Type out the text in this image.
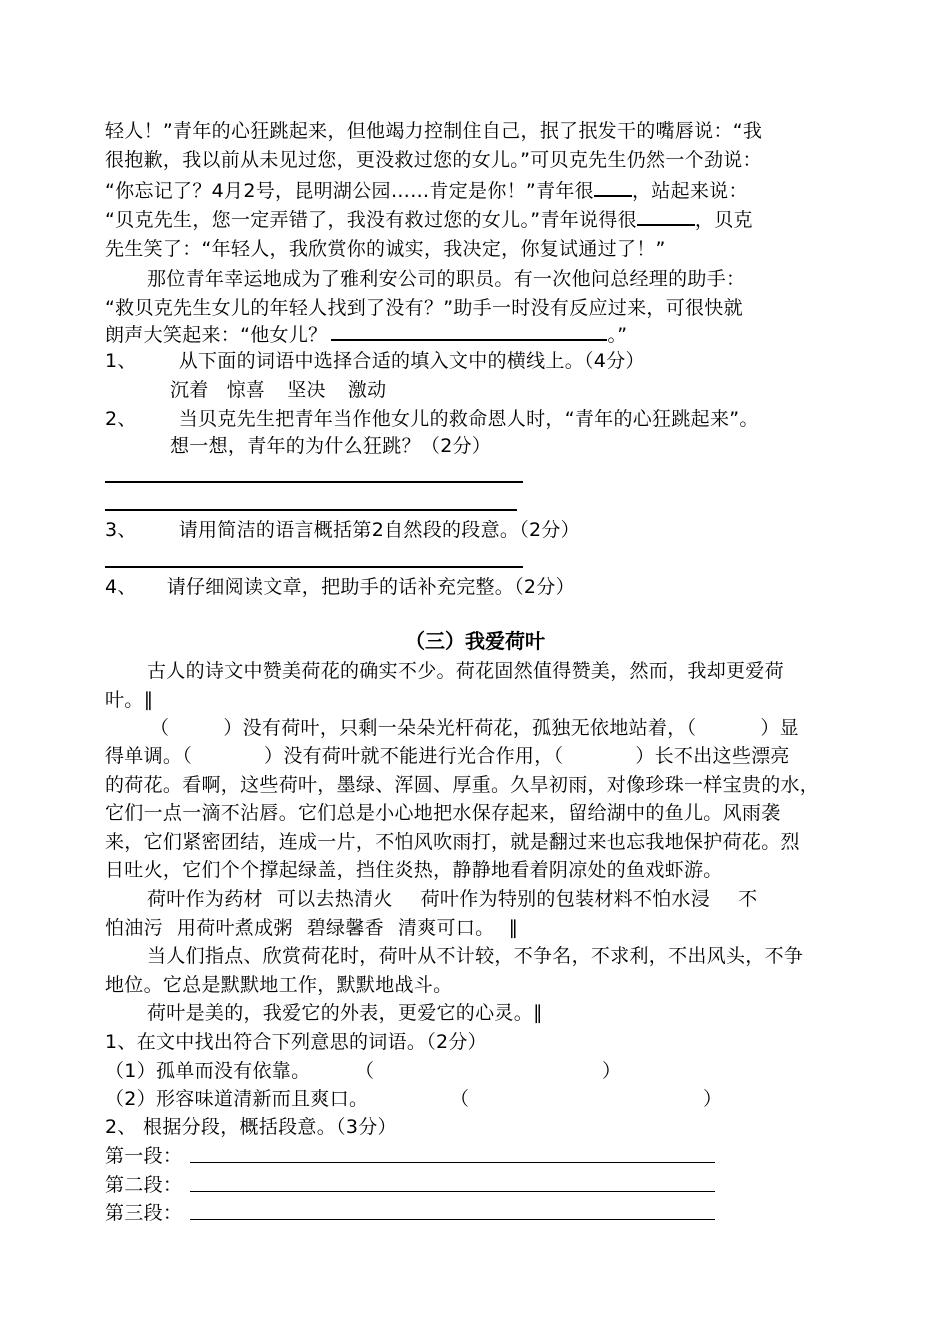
轻人！”青年的心狂跳起来，但他竭力控制住自己，抿了抿发干的嘴唇说：“我
很抱歉，我以前从未见过您，更没救过您的女儿。”可贝克先生仍然一个劲说：
“你忘记了？4月2号，昆明湖公园……肯定是你！”青年很 ，站起来说：
“贝克先生，您一定弄错了，我没有救过您的女儿。”青年说得很	，贝克
先生笑了：“年轻人，我欣赏你的诚实，我决定，你复试通过了！”
那位青年幸运地成为了雅利安公司的职员。有一次他问总经理的助手：
“救贝克先生女儿的年轻人找到了没有？”助手一时没有反应过来，可很快就
朗声大笑起来：“他女儿？	。”
1、 从下面的词语中选择合适的填入文中的横线上。（4分）
沉着 惊喜 坚决 激动
2、 当贝克先生把青年当作他女儿的救命恩人时，“青年的心狂跳起来”。
想一想，青年的为什么狂跳？（2分）
3、 请用简洁的语言概括第2自然段的段意。（2分）
4、 请仔细阅读文章，把助手的话补充完整。（2分）
（三）我爱荷叶
古人的诗文中赞美荷花的确实不少。荷花固然值得赞美，然而，我却更爱荷
叶。∥
（	）没有荷叶，只剩一朵朵光杆荷花，孤独无依地站着，（	）显
得单调。（	）没有荷叶就不能进行光合作用，（	）长不出这些漂亮
的荷花。看啊，这些荷叶，墨绿、浑圆、厚重。久旱初雨，对像珍珠一样宝贵的水，
它们一点一滴不沾唇。它们总是小心地把水保存起来，留给湖中的鱼儿。风雨袭
来，它们紧密团结，连成一片，不怕风吹雨打，就是翻过来也忘我地保护荷花。烈
日吐火，它们个个撑起绿盖，挡住炎热，静静地看着阴凉处的鱼戏虾游。
荷叶作为药材 可以去热清火 荷叶作为特别的包装材料不怕水浸 不
怕油污 用荷叶煮成粥 碧绿馨香 清爽可口。 ∥
当人们指点、欣赏荷花时，荷叶从不计较，不争名，不求利，不出风头，不争
地位。它总是默默地工作，默默地战斗。
荷叶是美的，我爱它的外表，更爱它的心灵。∥
1、在文中找出符合下列意思的词语。（2分）
（1）孤单而没有依靠。 （	）
（2）形容味道清新而且爽口。	（	）
2、 根据分段，概括段意。（3分）
第一段：
第二段：
第三段：
